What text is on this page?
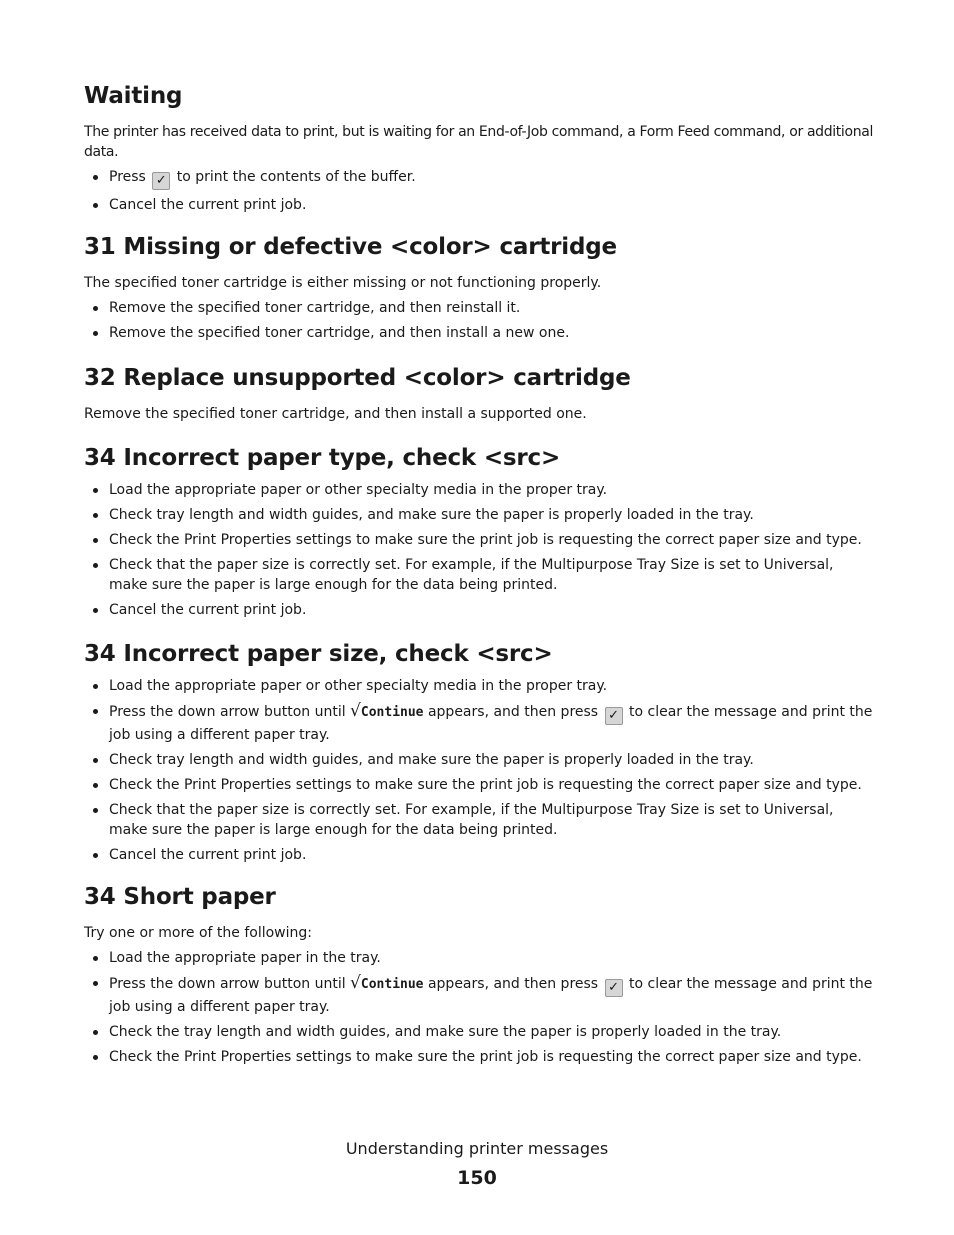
Waiting

The printer has received data to print, but is waiting for an End-of-Job command, a Form Feed command, or additional data.

Press ✓ to print the contents of the buffer.
Cancel the current print job.
31 Missing or defective <color> cartridge

The specified toner cartridge is either missing or not functioning properly.

Remove the specified toner cartridge, and then reinstall it.
Remove the specified toner cartridge, and then install a new one.
32 Replace unsupported <color> cartridge

Remove the specified toner cartridge, and then install a supported one.

34 Incorrect paper type, check <src>
Load the appropriate paper or other specialty media in the proper tray.
Check tray length and width guides, and make sure the paper is properly loaded in the tray.
Check the Print Properties settings to make sure the print job is requesting the correct paper size and type.
Check that the paper size is correctly set. For example, if the Multipurpose Tray Size is set to Universal, make sure the paper is large enough for the data being printed.
Cancel the current print job.
34 Incorrect paper size, check <src>
Load the appropriate paper or other specialty media in the proper tray.
Press the down arrow button until √Continue appears, and then press ✓ to clear the message and print the job using a different paper tray.
Check tray length and width guides, and make sure the paper is properly loaded in the tray.
Check the Print Properties settings to make sure the print job is requesting the correct paper size and type.
Check that the paper size is correctly set. For example, if the Multipurpose Tray Size is set to Universal, make sure the paper is large enough for the data being printed.
Cancel the current print job.
34 Short paper

Try one or more of the following:

Load the appropriate paper in the tray.
Press the down arrow button until √Continue appears, and then press ✓ to clear the message and print the job using a different paper tray.
Check the tray length and width guides, and make sure the paper is properly loaded in the tray.
Check the Print Properties settings to make sure the print job is requesting the correct paper size and type.
Understanding printer messages
150
